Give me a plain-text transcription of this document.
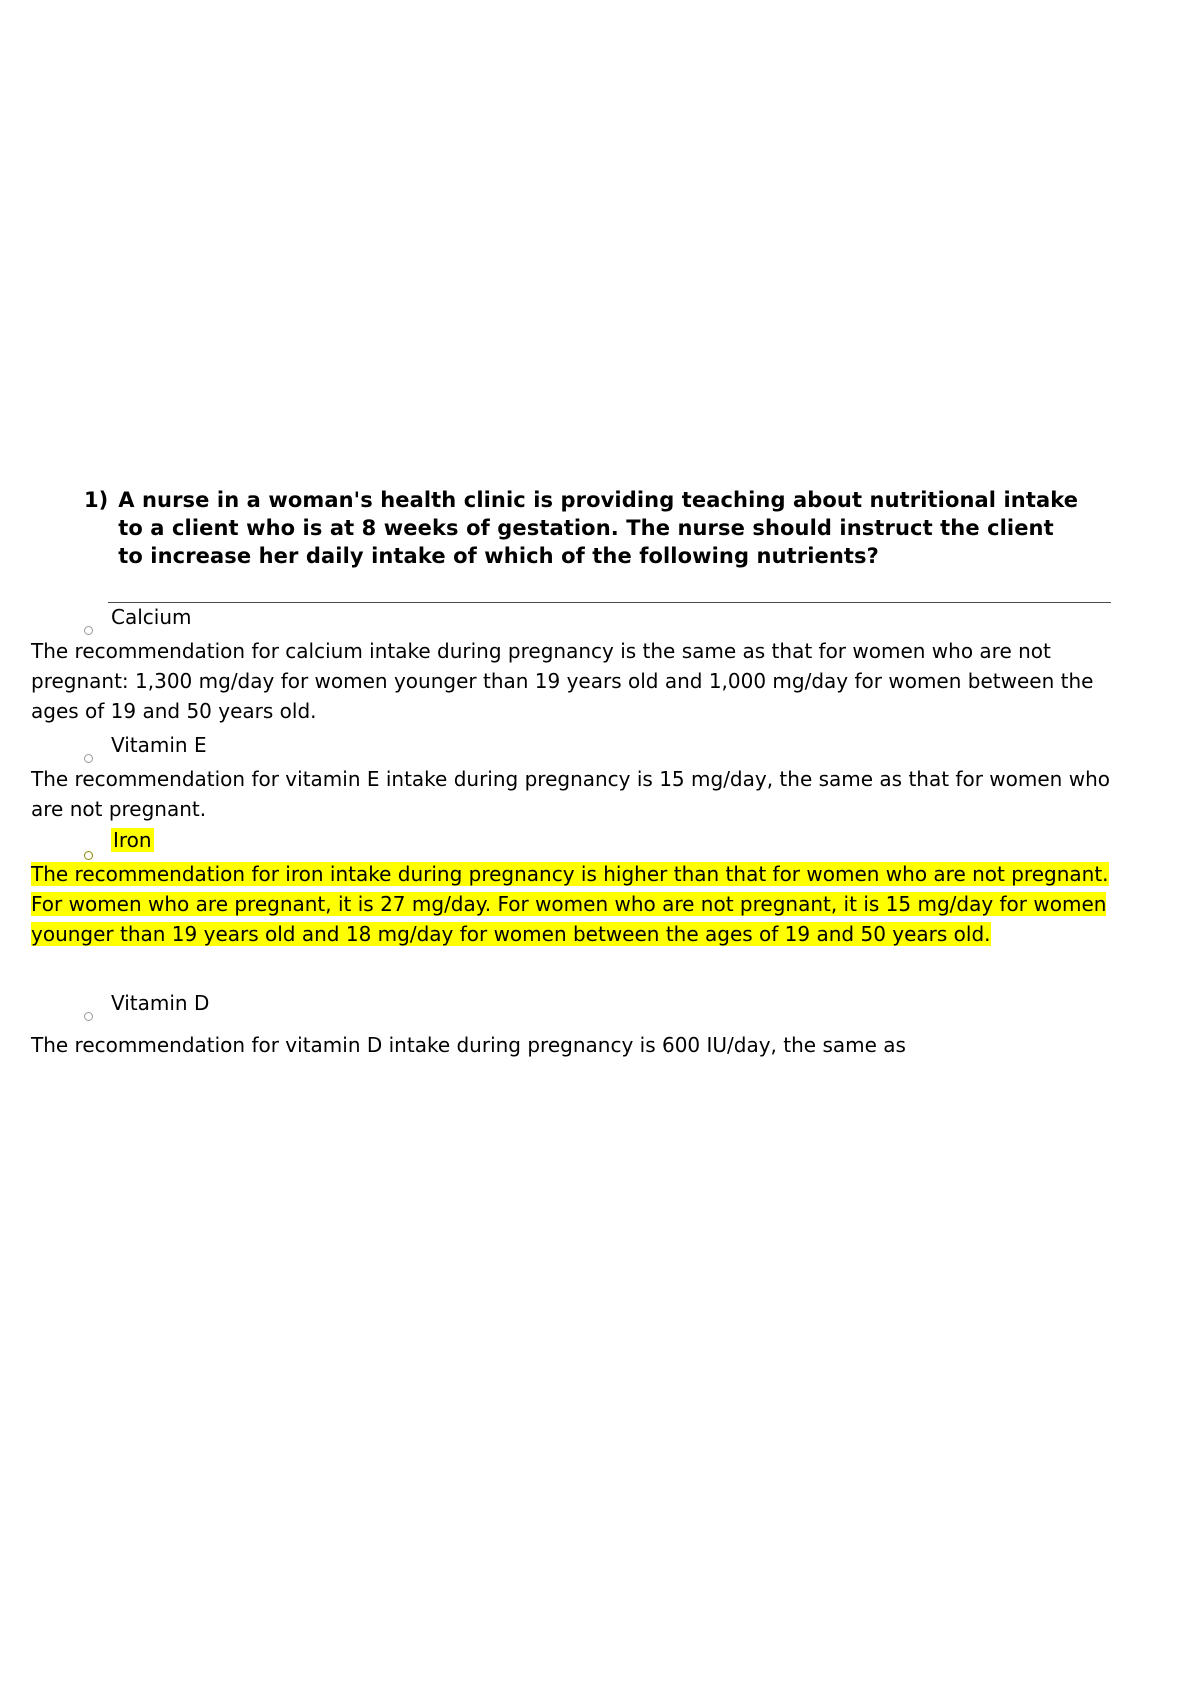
1) A nurse in a woman's health clinic is providing teaching about nutritional intake to a client who is at 8 weeks of gestation. The nurse should instruct the client to increase her daily intake of which of the following nutrients?
Calcium
The recommendation for calcium intake during pregnancy is the same as that for women who are not pregnant: 1,300 mg/day for women younger than 19 years old and 1,000 mg/day for women between the ages of 19 and 50 years old.
Vitamin E
The recommendation for vitamin E intake during pregnancy is 15 mg/day, the same as that for women who are not pregnant.
Iron
The recommendation for iron intake during pregnancy is higher than that for women who are not pregnant. For women who are pregnant, it is 27 mg/day. For women who are not pregnant, it is 15 mg/day for women younger than 19 years old and 18 mg/day for women between the ages of 19 and 50 years old.
Vitamin D
The recommendation for vitamin D intake during pregnancy is 600 IU/day, the same as
